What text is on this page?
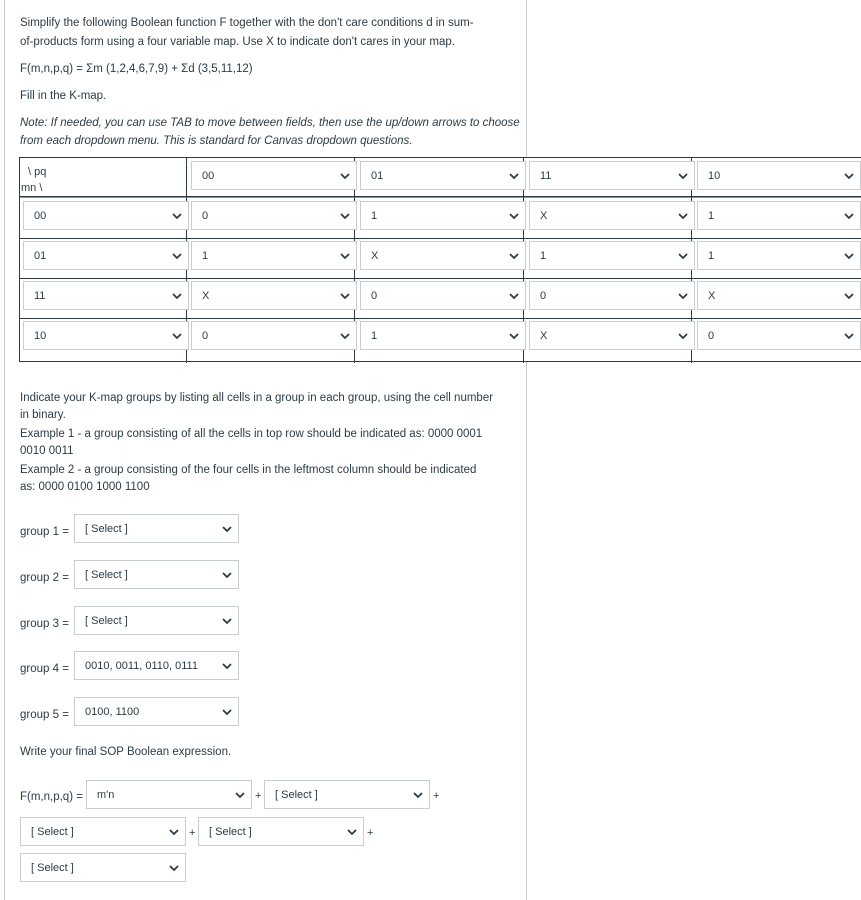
Simplify the following Boolean function F together with the don't care conditions d in sum-
of-products form using a four variable map. Use X to indicate don't cares in your map.
F(m,n,p,q) = Σm (1,2,4,6,7,9) + Σd (3,5,11,12)
Fill in the K-map.
Note: If needed, you can use TAB to move between fields, then use the up/down arrows to choose
from each dropdown menu. This is standard for Canvas dropdown questions.
\ pq
mn \
00	01	11	10
00	0	1	X	1
01	1	X	1	1
11	X	0	0	X
10	0	1	X	0
Indicate your K-map groups by listing all cells in a group in each group, using the cell number
in binary.
Example 1 - a group consisting of all the cells in top row should be indicated as: 0000 0001
0010 0011
Example 2 - a group consisting of the four cells in the leftmost column should be indicated
as: 0000 0100 1000 1100
group 1 = [ Select ]
group 2 = [ Select ]
group 3 = [ Select ]
group 4 = 0010, 0011, 0110, 0111
group 5 = 0100, 1100
Write your final SOP Boolean expression.
F(m,n,p,q) = m'n	+ [ Select ]	+
[ Select ]	+ [ Select ]	+
[ Select ]
